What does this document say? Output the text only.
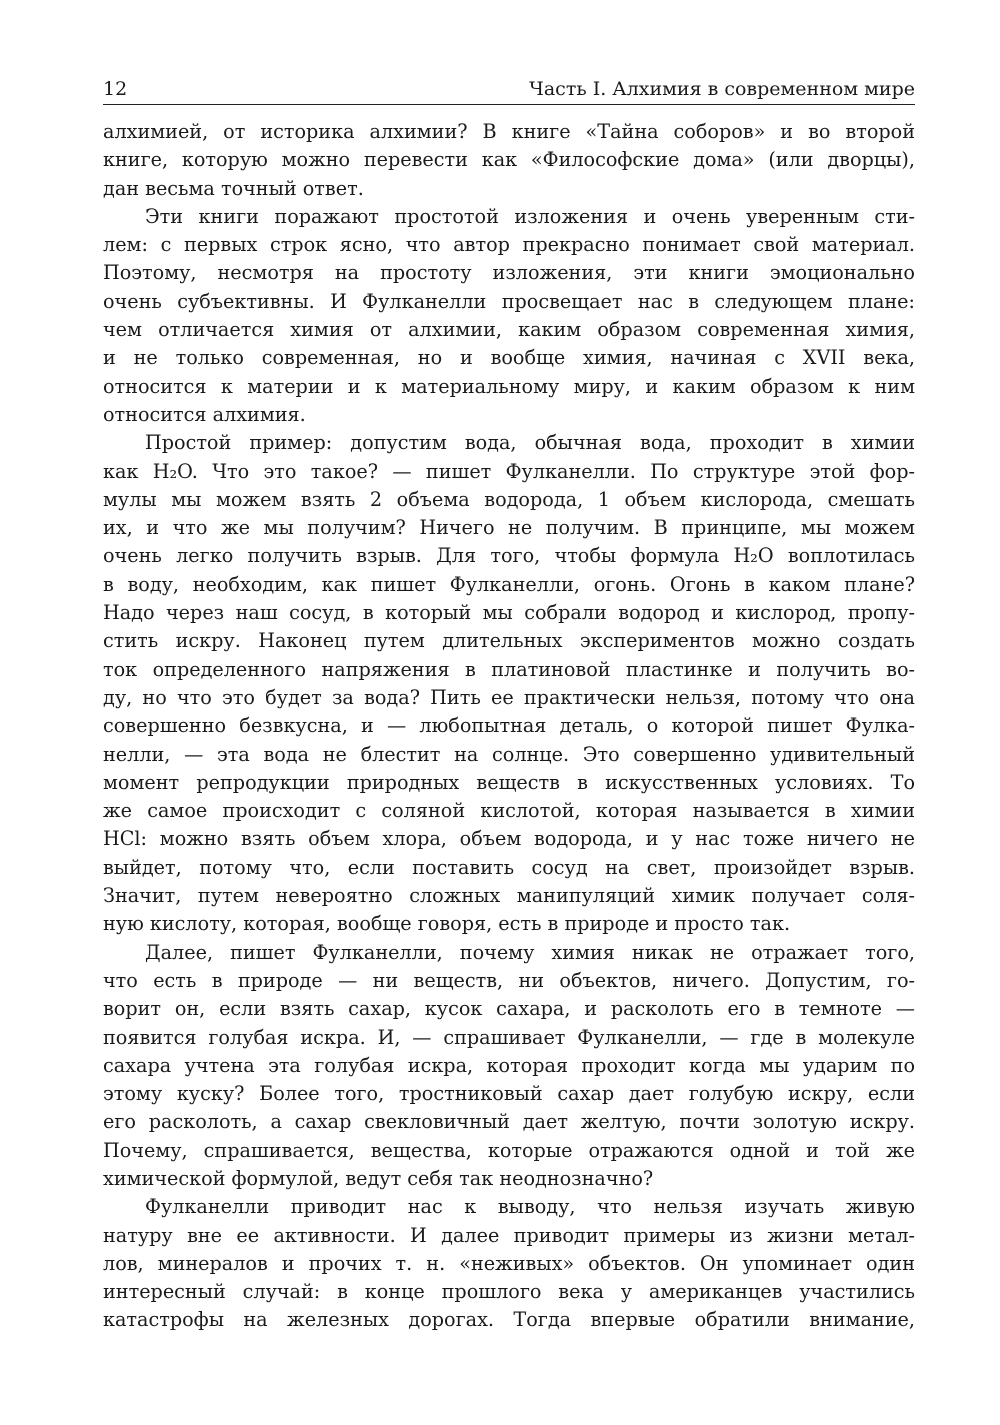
12	Часть I. Алхимия в современном мире
алхимией, от историка алхимии? В книге «Тайна соборов» и во второй
книге, которую можно перевести как «Философские дома» (или дворцы),
дан весьма точный ответ.
Эти книги поражают простотой изложения и очень уверенным сти-
лем: с первых строк ясно, что автор прекрасно понимает свой материал.
Поэтому, несмотря на простоту изложения, эти книги эмоционально
очень субъективны. И Фулканелли просвещает нас в следующем плане:
чем отличается химия от алхимии, каким образом современная химия,
и не только современная, но и вообще химия, начиная с XVII века,
относится к материи и к материальному миру, и каким образом к ним
относится алхимия.
Простой пример: допустим вода, обычная вода, проходит в химии
как H₂O. Что это такое? — пишет Фулканелли. По структуре этой фор-
мулы мы можем взять 2 объема водорода, 1 объем кислорода, смешать
их, и что же мы получим? Ничего не получим. В принципе, мы можем
очень легко получить взрыв. Для того, чтобы формула H₂O воплотилась
в воду, необходим, как пишет Фулканелли, огонь. Огонь в каком плане?
Надо через наш сосуд, в который мы собрали водород и кислород, пропу-
стить искру. Наконец путем длительных экспериментов можно создать
ток определенного напряжения в платиновой пластинке и получить во-
ду, но что это будет за вода? Пить ее практически нельзя, потому что она
совершенно безвкусна, и — любопытная деталь, о которой пишет Фулка-
нелли, — эта вода не блестит на солнце. Это совершенно удивительный
момент репродукции природных веществ в искусственных условиях. То
же самое происходит с соляной кислотой, которая называется в химии
HCl: можно взять объем хлора, объем водорода, и у нас тоже ничего не
выйдет, потому что, если поставить сосуд на свет, произойдет взрыв.
Значит, путем невероятно сложных манипуляций химик получает соля-
ную кислоту, которая, вообще говоря, есть в природе и просто так.
Далее, пишет Фулканелли, почему химия никак не отражает того,
что есть в природе — ни веществ, ни объектов, ничего. Допустим, го-
ворит он, если взять сахар, кусок сахара, и расколоть его в темноте —
появится голубая искра. И, — спрашивает Фулканелли, — где в молекуле
сахара учтена эта голубая искра, которая проходит когда мы ударим по
этому куску? Более того, тростниковый сахар дает голубую искру, если
его расколоть, а сахар свекловичный дает желтую, почти золотую искру.
Почему, спрашивается, вещества, которые отражаются одной и той же
химической формулой, ведут себя так неоднозначно?
Фулканелли приводит нас к выводу, что нельзя изучать живую
натуру вне ее активности. И далее приводит примеры из жизни метал-
лов, минералов и прочих т. н. «неживых» объектов. Он упоминает один
интересный случай: в конце прошлого века у американцев участились
катастрофы на железных дорогах. Тогда впервые обратили внимание,
